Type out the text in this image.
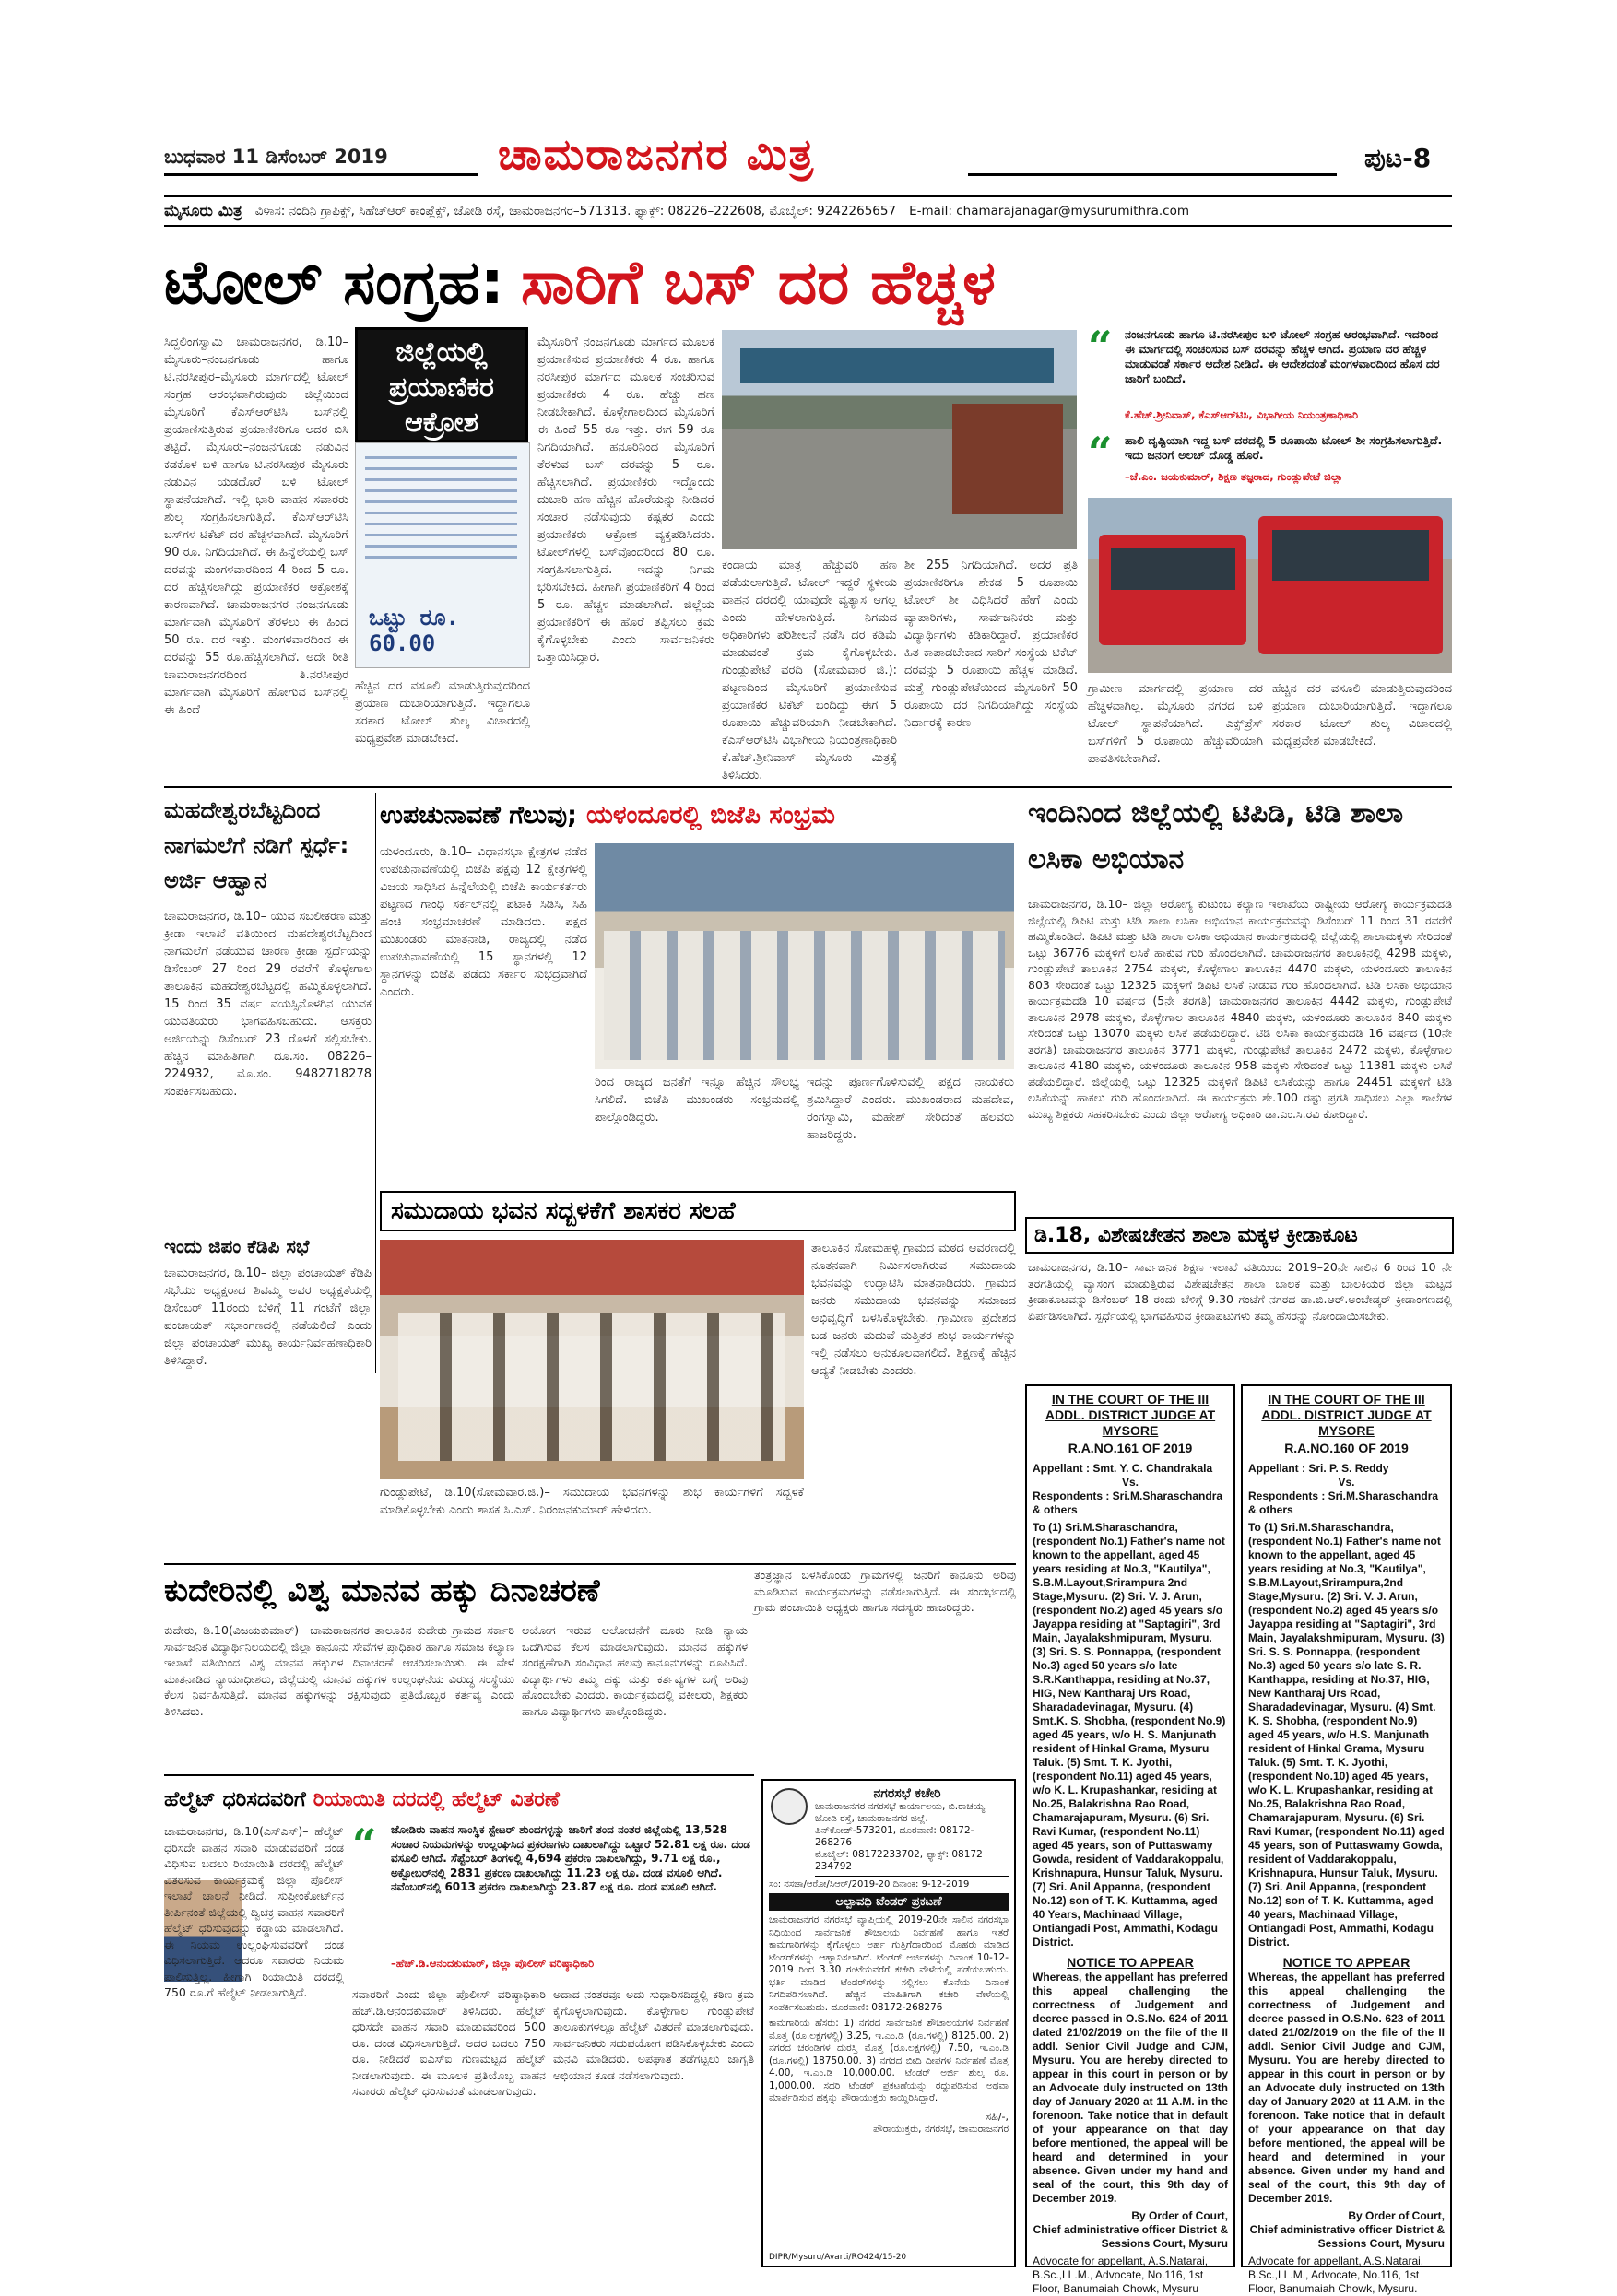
ಬುಧವಾರ 11 ಡಿಸೆಂಬರ್ 2019	ಚಾಮರಾಜನಗರ ಮಿತ್ರ	ಪುಟ-8
ಮೈಸೂರು ಮಿತ್ರ ವಿಳಾಸ: ನಂದಿನಿ ಗ್ರಾಫಿಕ್ಸ್, ಸಿಹೆಚ್‌ಆರ್ ಕಾಂಪ್ಲೆಕ್ಸ್, ಜೋಡಿ ರಸ್ತೆ, ಚಾಮರಾಜನಗರ–571313. ಫ್ಯಾಕ್ಸ್: 08226–222608, ಮೊಬೈಲ್: 9242265657 E-mail: chamarajanagar@mysurumithra.com
ಟೋಲ್ ಸಂಗ್ರಹ: ಸಾರಿಗೆ ಬಸ್ ದರ ಹೆಚ್ಚಳ
ಸಿದ್ದಲಿಂಗಸ್ವಾಮಿ ಚಾಮರಾಜನಗರ, ಡಿ.10– ಮೈಸೂರು–ನಂಜನಗೂಡು ಹಾಗೂ ಟಿ.ನರಸೀಪುರ–ಮೈಸೂರು ಮಾರ್ಗದಲ್ಲಿ ಟೋಲ್ ಸಂಗ್ರಹ ಆರಂಭವಾಗಿರುವುದು ಜಿಲ್ಲೆಯಿಂದ ಮೈಸೂರಿಗೆ ಕೆಎಸ್‌ಆರ್‌ಟಿಸಿ ಬಸ್‌ನಲ್ಲಿ ಪ್ರಯಾಣಿಸುತ್ತಿರುವ ಪ್ರಯಾಣಿಕರಿಗೂ ಅದರ ಬಿಸಿ ತಟ್ಟಿದೆ. ಮೈಸೂರು–ನಂಜನಗೂಡು ನಡುವಿನ ಕಡಕೊಳ ಬಳಿ ಹಾಗೂ ಟಿ.ನರಸೀಪುರ–ಮೈಸೂರು ನಡುವಿನ ಯಡದೊರೆ ಬಳಿ ಟೋಲ್ ಸ್ಥಾಪನೆಯಾಗಿದೆ. ಇಲ್ಲಿ ಭಾರಿ ವಾಹನ ಸವಾರರು ಶುಲ್ಕ ಸಂಗ್ರಹಿಸಲಾಗುತ್ತಿದೆ. ಕೆಎಸ್‌ಆರ್‌ಟಿಸಿ ಬಸ್‌ಗಳ ಟಿಕೆಟ್ ದರ ಹೆಚ್ಚಳವಾಗಿದೆ. ಮೈಸೂರಿಗೆ 90 ರೂ. ನಿಗದಿಯಾಗಿದೆ. ಈ ಹಿನ್ನೆಲೆಯಲ್ಲಿ ಬಸ್ ದರವನ್ನು ಮಂಗಳವಾರದಿಂದ 4 ರಿಂದ 5 ರೂ. ದರ ಹೆಚ್ಚಿಸಲಾಗಿದ್ದು ಪ್ರಯಾಣಿಕರ ಆಕ್ರೋಶಕ್ಕೆ ಕಾರಣವಾಗಿದೆ. ಚಾಮರಾಜನಗರ ನಂಜನಗೂಡು ಮಾರ್ಗವಾಗಿ ಮೈಸೂರಿಗೆ ತೆರಳಲು ಈ ಹಿಂದೆ 50 ರೂ. ದರ ಇತ್ತು. ಮಂಗಳವಾರದಿಂದ ಈ ದರವನ್ನು 55 ರೂ.ಹೆಚ್ಚಿಸಲಾಗಿದೆ. ಅದೇ ರೀತಿ ಚಾಮರಾಜನಗರದಿಂದ ತಿ.ನರಸೀಪುರ ಮಾರ್ಗವಾಗಿ ಮೈಸೂರಿಗೆ ಹೋಗುವ ಬಸ್‌ನಲ್ಲಿ ಈ ಹಿಂದೆ
ಜಿಲ್ಲೆಯಲ್ಲಿ ಪ್ರಯಾಣಿಕರ ಆಕ್ರೋಶ
ಒಟ್ಟು ರೂ. 60.00
ಹೆಚ್ಚಿನ ದರ ವಸೂಲಿ ಮಾಡುತ್ತಿರುವುದರಿಂದ ಪ್ರಯಾಣ ದುಬಾರಿಯಾಗುತ್ತಿದೆ. ಇದ್ದಾಗಲೂ ಸರಕಾರ ಟೋಲ್ ಶುಲ್ಕ ವಿಚಾರದಲ್ಲಿ ಮಧ್ಯಪ್ರವೇಶ ಮಾಡಬೇಕಿದೆ.
ಮೈಸೂರಿಗೆ ನಂಜನಗೂಡು ಮಾರ್ಗದ ಮೂಲಕ ಪ್ರಯಾಣಿಸುವ ಪ್ರಯಾಣಿಕರು 4 ರೂ. ಹಾಗೂ ನರಸೀಪುರ ಮಾರ್ಗದ ಮೂಲಕ ಸಂಚರಿಸುವ ಪ್ರಯಾಣಿಕರು 4 ರೂ. ಹೆಚ್ಚು ಹಣ ನೀಡಬೇಕಾಗಿದೆ. ಕೊಳ್ಳೇಗಾಲದಿಂದ ಮೈಸೂರಿಗೆ ಈ ಹಿಂದೆ 55 ರೂ ಇತ್ತು. ಈಗ 59 ರೂ ನಿಗದಿಯಾಗಿದೆ. ಹನೂರಿನಿಂದ ಮೈಸೂರಿಗೆ ತೆರಳುವ ಬಸ್ ದರವನ್ನು 5 ರೂ. ಹೆಚ್ಚಿಸಲಾಗಿದೆ. ಪ್ರಯಾಣಿಕರು ಇದ್ದೊಂದು ದುಬಾರಿ ಹಣ ಹೆಚ್ಚಿನ ಹೊರೆಯನ್ನು ನೀಡಿದರೆ ಸಂಚಾರ ನಡೆಸುವುದು ಕಷ್ಟಕರ ಎಂದು ಪ್ರಯಾಣಿಕರು ಆಕ್ರೋಶ ವ್ಯಕ್ತಪಡಿಸಿದರು. ಟೋಲ್‌ಗಳಲ್ಲಿ ಬಸ್‌ವೊಂದರಿಂದ 80 ರೂ. ಸಂಗ್ರಹಿಸಲಾಗುತ್ತಿದೆ. ಇದನ್ನು ನಿಗಮ ಭರಿಸಬೇಕಿದೆ. ಹೀಗಾಗಿ ಪ್ರಯಾಣಿಕರಿಗೆ 4 ರಿಂದ 5 ರೂ. ಹೆಚ್ಚಳ ಮಾಡಲಾಗಿದೆ. ಜಿಲ್ಲೆಯ ಪ್ರಯಾಣಿಕರಿಗೆ ಈ ಹೊರೆ ತಪ್ಪಿಸಲು ಕ್ರಮ ಕೈಗೊಳ್ಳಬೇಕು ಎಂದು ಸಾರ್ವಜನಿಕರು ಒತ್ತಾಯಿಸಿದ್ದಾರೆ.
ಕಂದಾಯ ಮಾತ್ರ ಹೆಚ್ಚುವರಿ ಹಣ ಪಡೆಯಲಾಗುತ್ತಿದೆ. ಟೋಲ್ ಇದ್ದರೆ ಸ್ಥಳೀಯ ವಾಹನ ದರದಲ್ಲಿ ಯಾವುದೇ ವ್ಯತ್ಯಾಸ ಆಗಲ್ಲ ಎಂದು ಹೇಳಲಾಗುತ್ತಿದೆ. ನಿಗಮದ ಅಧಿಕಾರಿಗಳು ಪರಿಶೀಲನೆ ನಡೆಸಿ ದರ ಕಡಿಮೆ ಮಾಡುವಂತೆ ಕ್ರಮ ಕೈಗೊಳ್ಳಬೇಕು. ಗುಂಡ್ಲುಪೇಟೆ ವರದಿ (ಸೋಮವಾರ ಜಿ.): ಪಟ್ಟಣದಿಂದ ಮೈಸೂರಿಗೆ ಪ್ರಯಾಣಿಸುವ ಪ್ರಯಾಣಿಕರ ಟಿಕೆಟ್ ಬಂದಿದ್ದು ಈಗ 5 ರೂಪಾಯಿ ಹೆಚ್ಚುವರಿಯಾಗಿ ನೀಡಬೇಕಾಗಿದೆ. ಕೆಎಸ್‌ಆರ್‌ಟಿಸಿ ವಿಭಾಗೀಯ ನಿಯಂತ್ರಣಾಧಿಕಾರಿ ಕೆ.ಹೆಚ್.ಶ್ರೀನಿವಾಸ್ ಮೈಸೂರು ಮಿತ್ರಕ್ಕೆ ತಿಳಿಸಿದರು.
ಶೀ 255 ನಿಗದಿಯಾಗಿದೆ. ಅದರ ಪ್ರತಿ ಪ್ರಯಾಣಿಕರಿಗೂ ಶೇಕಡ 5 ರೂಪಾಯಿ ಟೋಲ್ ಶೀ ವಿಧಿಸಿದರೆ ಹೇಗೆ ಎಂದು ವ್ಯಾಪಾರಿಗಳು, ಸಾರ್ವಜನಿಕರು ಮತ್ತು ವಿದ್ಯಾರ್ಥಿಗಳು ಕಿಡಿಕಾರಿದ್ದಾರೆ. ಪ್ರಯಾಣಿಕರ ಹಿತ ಕಾಪಾಡಬೇಕಾದ ಸಾರಿಗೆ ಸಂಸ್ಥೆಯ ಟಿಕೆಟ್ ದರವನ್ನು 5 ರೂಪಾಯಿ ಹೆಚ್ಚಳ ಮಾಡಿದೆ. ಮತ್ತೆ ಗುಂಡ್ಲುಪೇಟೆಯಿಂದ ಮೈಸೂರಿಗೆ 50 ರೂಪಾಯಿ ದರ ನಿಗದಿಯಾಗಿದ್ದು ಸಂಸ್ಥೆಯ ನಿರ್ಧಾರಕ್ಕೆ ಕಾರಣ
“ ನಂಜನಗೂಡು ಹಾಗೂ ಟಿ.ನರಸೀಪುರ ಬಳಿ ಟೋಲ್ ಸಂಗ್ರಹ ಆರಂಭವಾಗಿದೆ. ಇದರಿಂದ ಈ ಮಾರ್ಗದಲ್ಲಿ ಸಂಚರಿಸುವ ಬಸ್ ದರವನ್ನು ಹೆಚ್ಚಳ ಆಗಿದೆ. ಪ್ರಯಾಣ ದರ ಹೆಚ್ಚಳ ಮಾಡುವಂತೆ ಸರ್ಕಾರ ಆದೇಶ ನೀಡಿದೆ. ಈ ಆದೇಶದಂತೆ ಮಂಗಳವಾರದಿಂದ ಹೊಸ ದರ ಜಾರಿಗೆ ಬಂದಿದೆ.
ಕೆ.ಹೆಚ್.ಶ್ರೀನಿವಾಸ್, ಕೆಎಸ್‌ಆರ್‌ಟಿಸಿ, ವಿಭಾಗೀಯ ನಿಯಂತ್ರಣಾಧಿಕಾರಿ
“ ಹಾಲಿ ದೃಷ್ಟಿಯಾಗಿ ಇದ್ದ ಬಸ್ ದರದಲ್ಲಿ 5 ರೂಪಾಯಿ ಟೋಲ್ ಶೀ ಸಂಗ್ರಹಿಸಲಾಗುತ್ತಿದೆ. ಇದು ಜನರಿಗೆ ಅಲಚ್ ದೊಡ್ಡ ಹೊರೆ.
–ಜೆ.ಎಂ. ಜಯಕುಮಾರ್, ಶಿಕ್ಷಣ ತಜ್ಞರಾದ, ಗುಂಡ್ಲುಪೇಟೆ ಜಿಲ್ಲಾ
ಗ್ರಾಮೀಣ ಮಾರ್ಗದಲ್ಲಿ ಪ್ರಯಾಣ ದರ ಹೆಚ್ಚಳವಾಗಿಲ್ಲ. ಮೈಸೂರು ನಗರದ ಬಳಿ ಟೋಲ್ ಸ್ಥಾಪನೆಯಾಗಿದೆ. ಎಕ್ಸ್‌ಪ್ರೆಸ್ ಬಸ್‌ಗಳಿಗೆ 5 ರೂಪಾಯಿ ಹೆಚ್ಚುವರಿಯಾಗಿ ಪಾವತಿಸಬೇಕಾಗಿದೆ.
ಹೆಚ್ಚಿನ ದರ ವಸೂಲಿ ಮಾಡುತ್ತಿರುವುದರಿಂದ ಪ್ರಯಾಣ ದುಬಾರಿಯಾಗುತ್ತಿದೆ. ಇದ್ದಾಗಲೂ ಸರಕಾರ ಟೋಲ್ ಶುಲ್ಕ ವಿಚಾರದಲ್ಲಿ ಮಧ್ಯಪ್ರವೇಶ ಮಾಡಬೇಕಿದೆ.
ಮಹದೇಶ್ವರಬೆಟ್ಟದಿಂದ ನಾಗಮಲೆಗೆ ನಡಿಗೆ ಸ್ಪರ್ಧೆ: ಅರ್ಜಿ ಆಹ್ವಾನ
ಚಾಮರಾಜನಗರ, ಡಿ.10– ಯುವ ಸಬಲೀಕರಣ ಮತ್ತು ಕ್ರೀಡಾ ಇಲಾಖೆ ವತಿಯಿಂದ ಮಹದೇಶ್ವರಬೆಟ್ಟದಿಂದ ನಾಗಮಲೆಗೆ ನಡೆಯುವ ಚಾರಣ ಕ್ರೀಡಾ ಸ್ಪರ್ಧೆಯನ್ನು ಡಿಸೆಂಬರ್ 27 ರಿಂದ 29 ರವರೆಗೆ ಕೊಳ್ಳೇಗಾಲ ತಾಲೂಕಿನ ಮಹದೇಶ್ವರಬೆಟ್ಟದಲ್ಲಿ ಹಮ್ಮಿಕೊಳ್ಳಲಾಗಿದೆ. 15 ರಿಂದ 35 ವರ್ಷ ವಯಸ್ಸಿನೊಳಗಿನ ಯುವಕ ಯುವತಿಯರು ಭಾಗವಹಿಸಬಹುದು. ಆಸಕ್ತರು ಅರ್ಜಿಯನ್ನು ಡಿಸೆಂಬರ್ 23 ರೊಳಗೆ ಸಲ್ಲಿಸಬೇಕು. ಹೆಚ್ಚಿನ ಮಾಹಿತಿಗಾಗಿ ದೂ.ಸಂ. 08226–224932, ಮೊ.ಸಂ. 9482718278 ಸಂಪರ್ಕಿಸಬಹುದು.
ಇಂದು ಜಿಪಂ ಕೆಡಿಪಿ ಸಭೆ
ಚಾಮರಾಜನಗರ, ಡಿ.10– ಜಿಲ್ಲಾ ಪಂಚಾಯತ್ ಕೆಡಿಪಿ ಸಭೆಯು ಅಧ್ಯಕ್ಷರಾದ ಶಿವಮ್ಮ ಅವರ ಅಧ್ಯಕ್ಷತೆಯಲ್ಲಿ ಡಿಸೆಂಬರ್ 11ರಂದು ಬೆಳಿಗ್ಗೆ 11 ಗಂಟೆಗೆ ಜಿಲ್ಲಾ ಪಂಚಾಯತ್ ಸಭಾಂಗಣದಲ್ಲಿ ನಡೆಯಲಿದೆ ಎಂದು ಜಿಲ್ಲಾ ಪಂಚಾಯತ್ ಮುಖ್ಯ ಕಾರ್ಯನಿರ್ವಹಣಾಧಿಕಾರಿ ತಿಳಿಸಿದ್ದಾರೆ.
ಉಪಚುನಾವಣೆ ಗೆಲುವು; ಯಳಂದೂರಲ್ಲಿ ಬಿಜೆಪಿ ಸಂಭ್ರಮ
ಯಳಂದೂರು, ಡಿ.10– ವಿಧಾನಸಭಾ ಕ್ಷೇತ್ರಗಳ ನಡೆದ ಉಪಚುನಾವಣೆಯಲ್ಲಿ ಬಿಜೆಪಿ ಪಕ್ಷವು 12 ಕ್ಷೇತ್ರಗಳಲ್ಲಿ ವಿಜಯ ಸಾಧಿಸಿದ ಹಿನ್ನೆಲೆಯಲ್ಲಿ ಬಿಜೆಪಿ ಕಾರ್ಯಕರ್ತರು ಪಟ್ಟಣದ ಗಾಂಧಿ ಸರ್ಕಲ್‌ನಲ್ಲಿ ಪಟಾಕಿ ಸಿಡಿಸಿ, ಸಿಹಿ ಹಂಚಿ ಸಂಭ್ರಮಾಚರಣೆ ಮಾಡಿದರು. ಪಕ್ಷದ ಮುಖಂಡರು ಮಾತನಾಡಿ, ರಾಜ್ಯದಲ್ಲಿ ನಡೆದ ಉಪಚುನಾವಣೆಯಲ್ಲಿ 15 ಸ್ಥಾನಗಳಲ್ಲಿ 12 ಸ್ಥಾನಗಳನ್ನು ಬಿಜೆಪಿ ಪಡೆದು ಸರ್ಕಾರ ಸುಭದ್ರವಾಗಿದೆ ಎಂದರು.
ರಿಂದ ರಾಜ್ಯದ ಜನತೆಗೆ ಇನ್ನೂ ಹೆಚ್ಚಿನ ಸೌಲಭ್ಯ ಸಿಗಲಿದೆ. ಬಿಜೆಪಿ ಮುಖಂಡರು ಸಂಭ್ರಮದಲ್ಲಿ ಪಾಲ್ಗೊಂಡಿದ್ದರು.
ಇದನ್ನು ಪೂರ್ಣಗೊಳಿಸುವಲ್ಲಿ ಪಕ್ಷದ ನಾಯಕರು ಶ್ರಮಿಸಿದ್ದಾರೆ ಎಂದರು. ಮುಖಂಡರಾದ ಮಹದೇವ, ರಂಗಸ್ವಾಮಿ, ಮಹೇಶ್ ಸೇರಿದಂತೆ ಹಲವರು ಹಾಜರಿದ್ದರು.
ಸಮುದಾಯ ಭವನ ಸದ್ಬಳಕೆಗೆ ಶಾಸಕರ ಸಲಹೆ
ಗುಂಡ್ಲುಪೇಟೆ, ಡಿ.10(ಸೋಮವಾರ.ಜಿ.)– ಸಮುದಾಯ ಭವನಗಳನ್ನು ಶುಭ ಕಾರ್ಯಗಳಿಗೆ ಸದ್ಬಳಕೆ ಮಾಡಿಕೊಳ್ಳಬೇಕು ಎಂದು ಶಾಸಕ ಸಿ.ಎಸ್. ನಿರಂಜನಕುಮಾರ್ ಹೇಳಿದರು.
ತಾಲೂಕಿನ ಸೋಮಹಳ್ಳಿ ಗ್ರಾಮದ ಮಠದ ಆವರಣದಲ್ಲಿ ನೂತನವಾಗಿ ನಿರ್ಮಿಸಲಾಗಿರುವ ಸಮುದಾಯ ಭವನವನ್ನು ಉದ್ಘಾಟಿಸಿ ಮಾತನಾಡಿದರು. ಗ್ರಾಮದ ಜನರು ಸಮುದಾಯ ಭವನವನ್ನು ಸಮಾಜದ ಅಭಿವೃದ್ಧಿಗೆ ಬಳಸಿಕೊಳ್ಳಬೇಕು. ಗ್ರಾಮೀಣ ಪ್ರದೇಶದ ಬಡ ಜನರು ಮದುವೆ ಮತ್ತಿತರ ಶುಭ ಕಾರ್ಯಗಳನ್ನು ಇಲ್ಲಿ ನಡೆಸಲು ಅನುಕೂಲವಾಗಲಿದೆ. ಶಿಕ್ಷಣಕ್ಕೆ ಹೆಚ್ಚಿನ ಆದ್ಯತೆ ನೀಡಬೇಕು ಎಂದರು.
ಇಂದಿನಿಂದ ಜಿಲ್ಲೆಯಲ್ಲಿ ಟಿಪಿಡಿ, ಟಿಡಿ ಶಾಲಾ ಲಸಿಕಾ ಅಭಿಯಾನ
ಚಾಮರಾಜನಗರ, ಡಿ.10– ಜಿಲ್ಲಾ ಆರೋಗ್ಯ ಕುಟುಂಬ ಕಲ್ಯಾಣ ಇಲಾಖೆಯ ರಾಷ್ಟ್ರೀಯ ಆರೋಗ್ಯ ಕಾರ್ಯಕ್ರಮದಡಿ ಜಿಲ್ಲೆಯಲ್ಲಿ ಡಿಪಿಟಿ ಮತ್ತು ಟಿಡಿ ಶಾಲಾ ಲಸಿಕಾ ಅಭಿಯಾನ ಕಾರ್ಯಕ್ರಮವನ್ನು ಡಿಸೆಂಬರ್ 11 ರಿಂದ 31 ರವರೆಗೆ ಹಮ್ಮಿಕೊಂಡಿದೆ. ಡಿಪಿಟಿ ಮತ್ತು ಟಿಡಿ ಶಾಲಾ ಲಸಿಕಾ ಅಭಿಯಾನ ಕಾರ್ಯಕ್ರಮದಲ್ಲಿ ಜಿಲ್ಲೆಯಲ್ಲಿ ಶಾಲಾಮಕ್ಕಳು ಸೇರಿದಂತೆ ಒಟ್ಟು 36776 ಮಕ್ಕಳಿಗೆ ಲಸಿಕೆ ಹಾಕುವ ಗುರಿ ಹೊಂದಲಾಗಿದೆ. ಚಾಮರಾಜನಗರ ತಾಲೂಕಿನಲ್ಲಿ 4298 ಮಕ್ಕಳು, ಗುಂಡ್ಲುಪೇಟೆ ತಾಲೂಕಿನ 2754 ಮಕ್ಕಳು, ಕೊಳ್ಳೇಗಾಲ ತಾಲೂಕಿನ 4470 ಮಕ್ಕಳು, ಯಳಂದೂರು ತಾಲೂಕಿನ 803 ಸೇರಿದಂತೆ ಒಟ್ಟು 12325 ಮಕ್ಕಳಿಗೆ ಡಿಪಿಟಿ ಲಸಿಕೆ ನೀಡುವ ಗುರಿ ಹೊಂದಲಾಗಿದೆ. ಟಿಡಿ ಲಸಿಕಾ ಅಭಿಯಾನ ಕಾರ್ಯಕ್ರಮದಡಿ 10 ವರ್ಷದ (5ನೇ ತರಗತಿ) ಚಾಮರಾಜನಗರ ತಾಲೂಕಿನ 4442 ಮಕ್ಕಳು, ಗುಂಡ್ಲುಪೇಟೆ ತಾಲೂಕಿನ 2978 ಮಕ್ಕಳು, ಕೊಳ್ಳೇಗಾಲ ತಾಲೂಕಿನ 4840 ಮಕ್ಕಳು, ಯಳಂದೂರು ತಾಲೂಕಿನ 840 ಮಕ್ಕಳು ಸೇರಿದಂತೆ ಒಟ್ಟು 13070 ಮಕ್ಕಳು ಲಸಿಕೆ ಪಡೆಯಲಿದ್ದಾರೆ. ಟಿಡಿ ಲಸಿಕಾ ಕಾರ್ಯಕ್ರಮದಡಿ 16 ವರ್ಷದ (10ನೇ ತರಗತಿ) ಚಾಮರಾಜನಗರ ತಾಲೂಕಿನ 3771 ಮಕ್ಕಳು, ಗುಂಡ್ಲುಪೇಟೆ ತಾಲೂಕಿನ 2472 ಮಕ್ಕಳು, ಕೊಳ್ಳೇಗಾಲ ತಾಲೂಕಿನ 4180 ಮಕ್ಕಳು, ಯಳಂದೂರು ತಾಲೂಕಿನ 958 ಮಕ್ಕಳು ಸೇರಿದಂತೆ ಒಟ್ಟು 11381 ಮಕ್ಕಳು ಲಸಿಕೆ ಪಡೆಯಲಿದ್ದಾರೆ. ಜಿಲ್ಲೆಯಲ್ಲಿ ಒಟ್ಟು 12325 ಮಕ್ಕಳಿಗೆ ಡಿಪಿಟಿ ಲಸಿಕೆಯನ್ನು ಹಾಗೂ 24451 ಮಕ್ಕಳಿಗೆ ಟಿಡಿ ಲಸಿಕೆಯನ್ನು ಹಾಕಲು ಗುರಿ ಹೊಂದಲಾಗಿದೆ. ಈ ಕಾರ್ಯಕ್ರಮ ಶೇ.100 ರಷ್ಟು ಪ್ರಗತಿ ಸಾಧಿಸಲು ಎಲ್ಲಾ ಶಾಲೆಗಳ ಮುಖ್ಯ ಶಿಕ್ಷಕರು ಸಹಕರಿಸಬೇಕು ಎಂದು ಜಿಲ್ಲಾ ಆರೋಗ್ಯ ಅಧಿಕಾರಿ ಡಾ.ಎಂ.ಸಿ.ರವಿ ಕೋರಿದ್ದಾರೆ.
ಡಿ.18, ವಿಶೇಷಚೇತನ ಶಾಲಾ ಮಕ್ಕಳ ಕ್ರೀಡಾಕೂಟ
ಚಾಮರಾಜನಗರ, ಡಿ.10– ಸಾರ್ವಜನಿಕ ಶಿಕ್ಷಣ ಇಲಾಖೆ ವತಿಯಿಂದ 2019–20ನೇ ಸಾಲಿನ 6 ರಿಂದ 10 ನೇ ತರಗತಿಯಲ್ಲಿ ವ್ಯಾಸಂಗ ಮಾಡುತ್ತಿರುವ ವಿಶೇಷಚೇತನ ಶಾಲಾ ಬಾಲಕ ಮತ್ತು ಬಾಲಕಿಯರ ಜಿಲ್ಲಾ ಮಟ್ಟದ ಕ್ರೀಡಾಕೂಟವನ್ನು ಡಿಸೆಂಬರ್ 18 ರಂದು ಬೆಳಿಗ್ಗೆ 9.30 ಗಂಟೆಗೆ ನಗರದ ಡಾ.ಬಿ.ಆರ್.ಅಂಬೇಡ್ಕರ್ ಕ್ರೀಡಾಂಗಣದಲ್ಲಿ ಏರ್ಪಡಿಸಲಾಗಿದೆ. ಸ್ಪರ್ಧೆಯಲ್ಲಿ ಭಾಗವಹಿಸುವ ಕ್ರೀಡಾಪಟುಗಳು ತಮ್ಮ ಹೆಸರನ್ನು ನೋಂದಾಯಿಸಬೇಕು.
ಕುದೇರಿನಲ್ಲಿ ವಿಶ್ವ ಮಾನವ ಹಕ್ಕು ದಿನಾಚರಣೆ
ಕುದೇರು, ಡಿ.10(ವಿಜಯಕುಮಾರ್)– ಚಾಮರಾಜನಗರ ತಾಲೂಕಿನ ಕುದೇರು ಗ್ರಾಮದ ಸರ್ಕಾರಿ ಸಾರ್ವಜನಿಕ ವಿದ್ಯಾರ್ಥಿನಿಲಯದಲ್ಲಿ ಜಿಲ್ಲಾ ಕಾನೂನು ಸೇವೆಗಳ ಪ್ರಾಧಿಕಾರ ಹಾಗೂ ಸಮಾಜ ಕಲ್ಯಾಣ ಇಲಾಖೆ ವತಿಯಿಂದ ವಿಶ್ವ ಮಾನವ ಹಕ್ಕುಗಳ ದಿನಾಚರಣೆ ಆಚರಿಸಲಾಯಿತು. ಈ ವೇಳೆ ಮಾತನಾಡಿದ ನ್ಯಾಯಾಧೀಶರು, ಜಿಲ್ಲೆಯಲ್ಲಿ ಮಾನವ ಹಕ್ಕುಗಳ ಉಲ್ಲಂಘನೆಯ ವಿರುದ್ಧ ಸಂಸ್ಥೆಯು ಕೆಲಸ ನಿರ್ವಹಿಸುತ್ತಿದೆ. ಮಾನವ ಹಕ್ಕುಗಳನ್ನು ರಕ್ಷಿಸುವುದು ಪ್ರತಿಯೊಬ್ಬರ ಕರ್ತವ್ಯ ಎಂದು ತಿಳಿಸಿದರು.
ಆಯೋಗ ಇರುವ ಆಲೋಚನೆಗೆ ದೂರು ನೀಡಿ ನ್ಯಾಯ ಒದಗಿಸುವ ಕೆಲಸ ಮಾಡಲಾಗುವುದು. ಮಾನವ ಹಕ್ಕುಗಳ ಸಂರಕ್ಷಣೆಗಾಗಿ ಸಂವಿಧಾನ ಹಲವು ಕಾನೂನುಗಳನ್ನು ರೂಪಿಸಿದೆ. ವಿದ್ಯಾರ್ಥಿಗಳು ತಮ್ಮ ಹಕ್ಕು ಮತ್ತು ಕರ್ತವ್ಯಗಳ ಬಗ್ಗೆ ಅರಿವು ಹೊಂದಬೇಕು ಎಂದರು. ಕಾರ್ಯಕ್ರಮದಲ್ಲಿ ವಕೀಲರು, ಶಿಕ್ಷಕರು ಹಾಗೂ ವಿದ್ಯಾರ್ಥಿಗಳು ಪಾಲ್ಗೊಂಡಿದ್ದರು.
ತಂತ್ರಜ್ಞಾನ ಬಳಸಿಕೊಂಡು ಗ್ರಾಮಗಳಲ್ಲಿ ಜನರಿಗೆ ಕಾನೂನು ಅರಿವು ಮೂಡಿಸುವ ಕಾರ್ಯಕ್ರಮಗಳನ್ನು ನಡೆಸಲಾಗುತ್ತಿದೆ. ಈ ಸಂದರ್ಭದಲ್ಲಿ ಗ್ರಾಮ ಪಂಚಾಯಿತಿ ಅಧ್ಯಕ್ಷರು ಹಾಗೂ ಸದಸ್ಯರು ಹಾಜರಿದ್ದರು.
ಹೆಲ್ಮೆಟ್ ಧರಿಸದವರಿಗೆ ರಿಯಾಯಿತಿ ದರದಲ್ಲಿ ಹೆಲ್ಮೆಟ್ ವಿತರಣೆ
ಚಾಮರಾಜನಗರ, ಡಿ.10(ಎಸ್‌ಎಸ್)– ಹೆಲ್ಮೆಟ್ ಧರಿಸದೇ ವಾಹನ ಸವಾರಿ ಮಾಡುವವರಿಗೆ ದಂಡ ವಿಧಿಸುವ ಬದಲು ರಿಯಾಯಿತಿ ದರದಲ್ಲಿ ಹೆಲ್ಮೆಟ್ ವಿತರಿಸುವ ಕಾರ್ಯಕ್ರಮಕ್ಕೆ ಜಿಲ್ಲಾ ಪೊಲೀಸ್ ಇಲಾಖೆ ಚಾಲನೆ ನೀಡಿದೆ. ಸುಪ್ರೀಂಕೋರ್ಟ್‌ನ ತೀರ್ಪಿನಂತೆ ಜಿಲ್ಲೆಯಲ್ಲಿ ದ್ವಿಚಕ್ರ ವಾಹನ ಸವಾರರಿಗೆ ಹೆಲ್ಮೆಟ್ ಧರಿಸುವುದನ್ನು ಕಡ್ಡಾಯ ಮಾಡಲಾಗಿದೆ. ಈ ನಿಯಮ ಉಲ್ಲಂಘಿಸುವವರಿಗೆ ದಂಡ ವಿಧಿಸಲಾಗುತ್ತಿದೆ. ಆದರೂ ಸವಾರರು ನಿಯಮ ಪಾಲಿಸುತ್ತಿಲ್ಲ. ಹೀಗಾಗಿ ರಿಯಾಯಿತಿ ದರದಲ್ಲಿ 750 ರೂ.ಗೆ ಹೆಲ್ಮೆಟ್ ನೀಡಲಾಗುತ್ತಿದೆ.
“ ಜೋಡಿರು ವಾಹನ ಸಾಂಸ್ಥಿಕ ಸ್ಟೇಟರ್ ಶುಂದಗಳ್ಳನ್ನು ಜಾರಿಗೆ ತಂದ ನಂತರ ಜಿಲ್ಲೆಯಲ್ಲಿ 13,528 ಸಂಚಾರ ನಿಯಮಗಳನ್ನು ಉಲ್ಲಂಘಿಸಿದ ಪ್ರಕರಣಗಳು ದಾಖಲಾಗಿದ್ದು ಒಟ್ಟಾರೆ 52.81 ಲಕ್ಷ ರೂ. ದಂಡ ವಸೂಲಿ ಆಗಿದೆ. ಸೆಪ್ಟೆಂಬರ್ ತಿಂಗಳಲ್ಲಿ 4,694 ಪ್ರಕರಣ ದಾಖಲಾಗಿದ್ದು, 9.71 ಲಕ್ಷ ರೂ., ಅಕ್ಟೋಬರ್‌ನಲ್ಲಿ 2831 ಪ್ರಕರಣ ದಾಖಲಾಗಿದ್ದು 11.23 ಲಕ್ಷ ರೂ. ದಂಡ ವಸೂಲಿ ಆಗಿದೆ. ನವೆಂಬರ್‌ನಲ್ಲಿ 6013 ಪ್ರಕರಣ ದಾಖಲಾಗಿದ್ದು 23.87 ಲಕ್ಷ ರೂ. ದಂಡ ವಸೂಲಿ ಆಗಿದೆ.
–ಹೆಚ್.ಡಿ.ಆನಂದಕುಮಾರ್, ಜಿಲ್ಲಾ ಪೊಲೀಸ್ ವರಿಷ್ಠಾಧಿಕಾರಿ
ಸವಾರರಿಗೆ ಎಂದು ಜಿಲ್ಲಾ ಪೊಲೀಸ್ ವರಿಷ್ಠಾಧಿಕಾರಿ ಹೆಚ್.ಡಿ.ಆನಂದಕುಮಾರ್ ತಿಳಿಸಿದರು. ಹೆಲ್ಮೆಟ್ ಧರಿಸದೇ ವಾಹನ ಸವಾರಿ ಮಾಡುವವರಿಂದ 500 ರೂ. ದಂಡ ವಿಧಿಸಲಾಗುತ್ತಿದೆ. ಅದರ ಬದಲು 750 ರೂ. ನೀಡಿದರೆ ಐಎಸ್‌ಐ ಗುಣಮಟ್ಟದ ಹೆಲ್ಮೆಟ್ ನೀಡಲಾಗುವುದು. ಈ ಮೂಲಕ ಪ್ರತಿಯೊಬ್ಬ ವಾಹನ ಸವಾರರು ಹೆಲ್ಮೆಟ್ ಧರಿಸುವಂತೆ ಮಾಡಲಾಗುವುದು.
ಅದಾದ ನಂತರವೂ ಅದು ಸುಧಾರಿಸದಿದ್ದಲ್ಲಿ ಕಠಿಣ ಕ್ರಮ ಕೈಗೊಳ್ಳಲಾಗುವುದು. ಕೊಳ್ಳೇಗಾಲ ಗುಂಡ್ಲುಪೇಟೆ ತಾಲೂಕುಗಳಲ್ಲೂ ಹೆಲ್ಮೆಟ್ ವಿತರಣೆ ಮಾಡಲಾಗುವುದು. ಸಾರ್ವಜನಿಕರು ಸದುಪಯೋಗ ಪಡಿಸಿಕೊಳ್ಳಬೇಕು ಎಂದು ಮನವಿ ಮಾಡಿದರು. ಅಪಘಾತ ತಡೆಗಟ್ಟಲು ಜಾಗೃತಿ ಅಭಿಯಾನ ಕೂಡ ನಡೆಸಲಾಗುವುದು.
ನಗರಸಭೆ ಕಚೇರಿ
ಚಾಮರಾಜನಗರ ನಗರಸಭೆ ಕಾರ್ಯಾಲಯ, ಬಿ.ರಾಚಯ್ಯ ಜೋಡಿ ರಸ್ತೆ, ಚಾಮರಾಜನಗರ ಜಿಲ್ಲೆ.
ಪಿನ್‌ಕೋಡ್-573201, ದೂರವಾಣಿ: 08172-268276
ಮೊಬೈಲ್: 08172233702, ಫ್ಯಾಕ್ಸ್: 08172 234792
ಸಂ: ನಸಚಾ/ಆರೋ/ಸಿಆರ್/2019-20 ದಿನಾಂಕ: 9-12-2019
ಅಲ್ಪಾವಧಿ ಟೆಂಡರ್ ಪ್ರಕಟಣೆ
ಚಾಮರಾಜನಗರ ನಗರಸಭೆ ವ್ಯಾಪ್ತಿಯಲ್ಲಿ 2019-20ನೇ ಸಾಲಿನ ನಗರಸಭಾ ನಿಧಿಯಿಂದ ಸಾರ್ವಜನಿಕ ಶೌಚಾಲಯ ನಿರ್ವಹಣೆ ಹಾಗೂ ಇತರೆ ಕಾಮಗಾರಿಗಳನ್ನು ಕೈಗೊಳ್ಳಲು ಅರ್ಹ ಗುತ್ತಿಗೆದಾರರಿಂದ ಮೊಹರು ಮಾಡಿದ ಟೆಂಡರ್‌ಗಳನ್ನು ಆಹ್ವಾನಿಸಲಾಗಿದೆ. ಟೆಂಡರ್ ಅರ್ಜಿಗಳನ್ನು ದಿನಾಂಕ 10-12-2019 ರಿಂದ 3.30 ಗಂಟೆಯವರೆಗೆ ಕಚೇರಿ ವೇಳೆಯಲ್ಲಿ ಪಡೆಯಬಹುದು. ಭರ್ತಿ ಮಾಡಿದ ಟೆಂಡರ್‌ಗಳನ್ನು ಸಲ್ಲಿಸಲು ಕೊನೆಯ ದಿನಾಂಕ ನಿಗದಿಪಡಿಸಲಾಗಿದೆ. ಹೆಚ್ಚಿನ ಮಾಹಿತಿಗಾಗಿ ಕಚೇರಿ ವೇಳೆಯಲ್ಲಿ ಸಂಪರ್ಕಿಸಬಹುದು. ದೂರವಾಣಿ: 08172-268276
ಕಾಮಗಾರಿಯ ಹೆಸರು: 1) ನಗರದ ಸಾರ್ವಜನಿಕ ಶೌಚಾಲಯಗಳ ನಿರ್ವಹಣೆ ಮೊತ್ತ (ರೂ.ಲಕ್ಷಗಳಲ್ಲಿ) 3.25, ಇ.ಎಂ.ಡಿ (ರೂ.ಗಳಲ್ಲಿ) 8125.00. 2) ನಗರದ ಚರಂಡಿಗಳ ದುರಸ್ತಿ ಮೊತ್ತ (ರೂ.ಲಕ್ಷಗಳಲ್ಲಿ) 7.50, ಇ.ಎಂ.ಡಿ (ರೂ.ಗಳಲ್ಲಿ) 18750.00. 3) ನಗರದ ಬೀದಿ ದೀಪಗಳ ನಿರ್ವಹಣೆ ಮೊತ್ತ 4.00, ಇ.ಎಂ.ಡಿ 10,000.00. ಟೆಂಡರ್ ಅರ್ಜಿ ಶುಲ್ಕ ರೂ. 1,000.00. ಸದರಿ ಟೆಂಡರ್ ಪ್ರಕಟಣೆಯನ್ನು ರದ್ದುಪಡಿಸುವ ಅಥವಾ ಮಾರ್ಪಡಿಸುವ ಹಕ್ಕನ್ನು ಪೌರಾಯುಕ್ತರು ಕಾಯ್ದಿರಿಸಿದ್ದಾರೆ.
ಸಹಿ/-,
ಪೌರಾಯುಕ್ತರು, ನಗರಸಭೆ, ಚಾಮರಾಜನಗರ
DIPR/Mysuru/Avarti/RO424/15-20
IN THE COURT OF THE III ADDL. DISTRICT JUDGE AT MYSORE
R.A.NO.161 OF 2019
Appellant : Smt. Y. C. Chandrakala
Vs.
Respondents : Sri.M.Sharaschandra & others
To (1) Sri.M.Sharaschandra, (respondent No.1) Father's name not known to the appellant, aged 45 years residing at No.3, "Kautilya", S.B.M.Layout,Srirampura 2nd Stage,Mysuru. (2) Sri. V. J. Arun, (respondent No.2) aged 45 years s/o Jayappa residing at "Saptagiri", 3rd Main, Jayalakshmipuram, Mysuru. (3) Sri. S. S. Ponnappa, (respondent No.3) aged 50 years s/o late S.R.Kanthappa, residing at No.37, HIG, New Kantharaj Urs Road, Sharadadevinagar, Mysuru. (4) Smt.K. S. Shobha, (respondent No.9) aged 45 years, w/o H. S. Manjunath resident of Hinkal Grama, Mysuru Taluk. (5) Smt. T. K. Jyothi, (respondent No.11) aged 45 years, w/o K. L. Krupashankar, residing at No.25, Balakrishna Rao Road, Chamarajapuram, Mysuru. (6) Sri. Ravi Kumar, (respondent No.11) aged 45 years, son of Puttaswamy Gowda, resident of Vaddarakoppalu, Krishnapura, Hunsur Taluk, Mysuru. (7) Sri. Anil Appanna, (respondent No.12) son of T. K. Kuttamma, aged 40 Years, Machinaad Village, Ontiangadi Post, Ammathi, Kodagu District.
NOTICE TO APPEAR
Whereas, the appellant has preferred this appeal challenging the correctness of Judgement and decree passed in O.S.No. 624 of 2011 dated 21/02/2019 on the file of the II addl. Senior Civil Judge and CJM, Mysuru. You are hereby directed to appear in this court in person or by an Advocate duly instructed on 13th day of January 2020 at 11 A.M. in the forenoon. Take notice that in default of your appearance on that day before mentioned, the appeal will be heard and determined in your absence. Given under my hand and seal of the court, this 9th day of December 2019.
By Order of Court,
Chief administrative officer District & Sessions Court, Mysuru
Advocate for appellant, A.S.Natarai, B.Sc.,LL.M., Advocate, No.116, 1st Floor, Banumaiah Chowk, Mysuru
IN THE COURT OF THE III ADDL. DISTRICT JUDGE AT MYSORE
R.A.NO.160 OF 2019
Appellant : Sri. P. S. Reddy
Vs.
Respondents : Sri.M.Sharaschandra & others
To (1) Sri.M.Sharaschandra, (respondent No.1) Father's name not known to the appellant, aged 45 years residing at No.3, "Kautilya", S.B.M.Layout,Srirampura,2nd Stage,Mysuru. (2) Sri. V. J. Arun, (respondent No.2) aged 45 years s/o Jayappa residing at "Saptagiri", 3rd Main, Jayalakshmipuram, Mysuru. (3) Sri. S. S. Ponnappa, (respondent No.3) aged 50 years s/o late S. R. Kanthappa, residing at No.37, HIG, New Kantharaj Urs Road, Sharadadevinagar, Mysuru. (4) Smt. K. S. Shobha, (respondent No.9) aged 45 years, w/o H.S. Manjunath resident of Hinkal Grama, Mysuru Taluk. (5) Smt. T. K. Jyothi, (respondent No.10) aged 45 years, w/o K. L. Krupashankar, residing at No.25, Balakrishna Rao Road, Chamarajapuram, Mysuru. (6) Sri. Ravi Kumar, (respondent No.11) aged 45 years, son of Puttaswamy Gowda, resident of Vaddarakoppalu, Krishnapura, Hunsur Taluk, Mysuru. (7) Sri. Anil Appanna, (respondent No.12) son of T. K. Kuttamma, aged 40 years, Machinaad Village, Ontiangadi Post, Ammathi, Kodagu District.
NOTICE TO APPEAR
Whereas, the appellant has preferred this appeal challenging the correctness of Judgement and decree passed in O.S.No. 623 of 2011 dated 21/02/2019 on the file of the II addl. Senior Civil Judge and CJM, Mysuru. You are hereby directed to appear in this court in person or by an Advocate duly instructed on 13th day of January 2020 at 11 A.M. in the forenoon. Take notice that in default of your appearance on that day before mentioned, the appeal will be heard and determined in your absence. Given under my hand and seal of the court, this 9th day of December 2019.
By Order of Court,
Chief administrative officer District & Sessions Court, Mysuru
Advocate for appellant, A.S.Natarai, B.Sc.,LL.M., Advocate, No.116, 1st Floor, Banumaiah Chowk, Mysuru.
